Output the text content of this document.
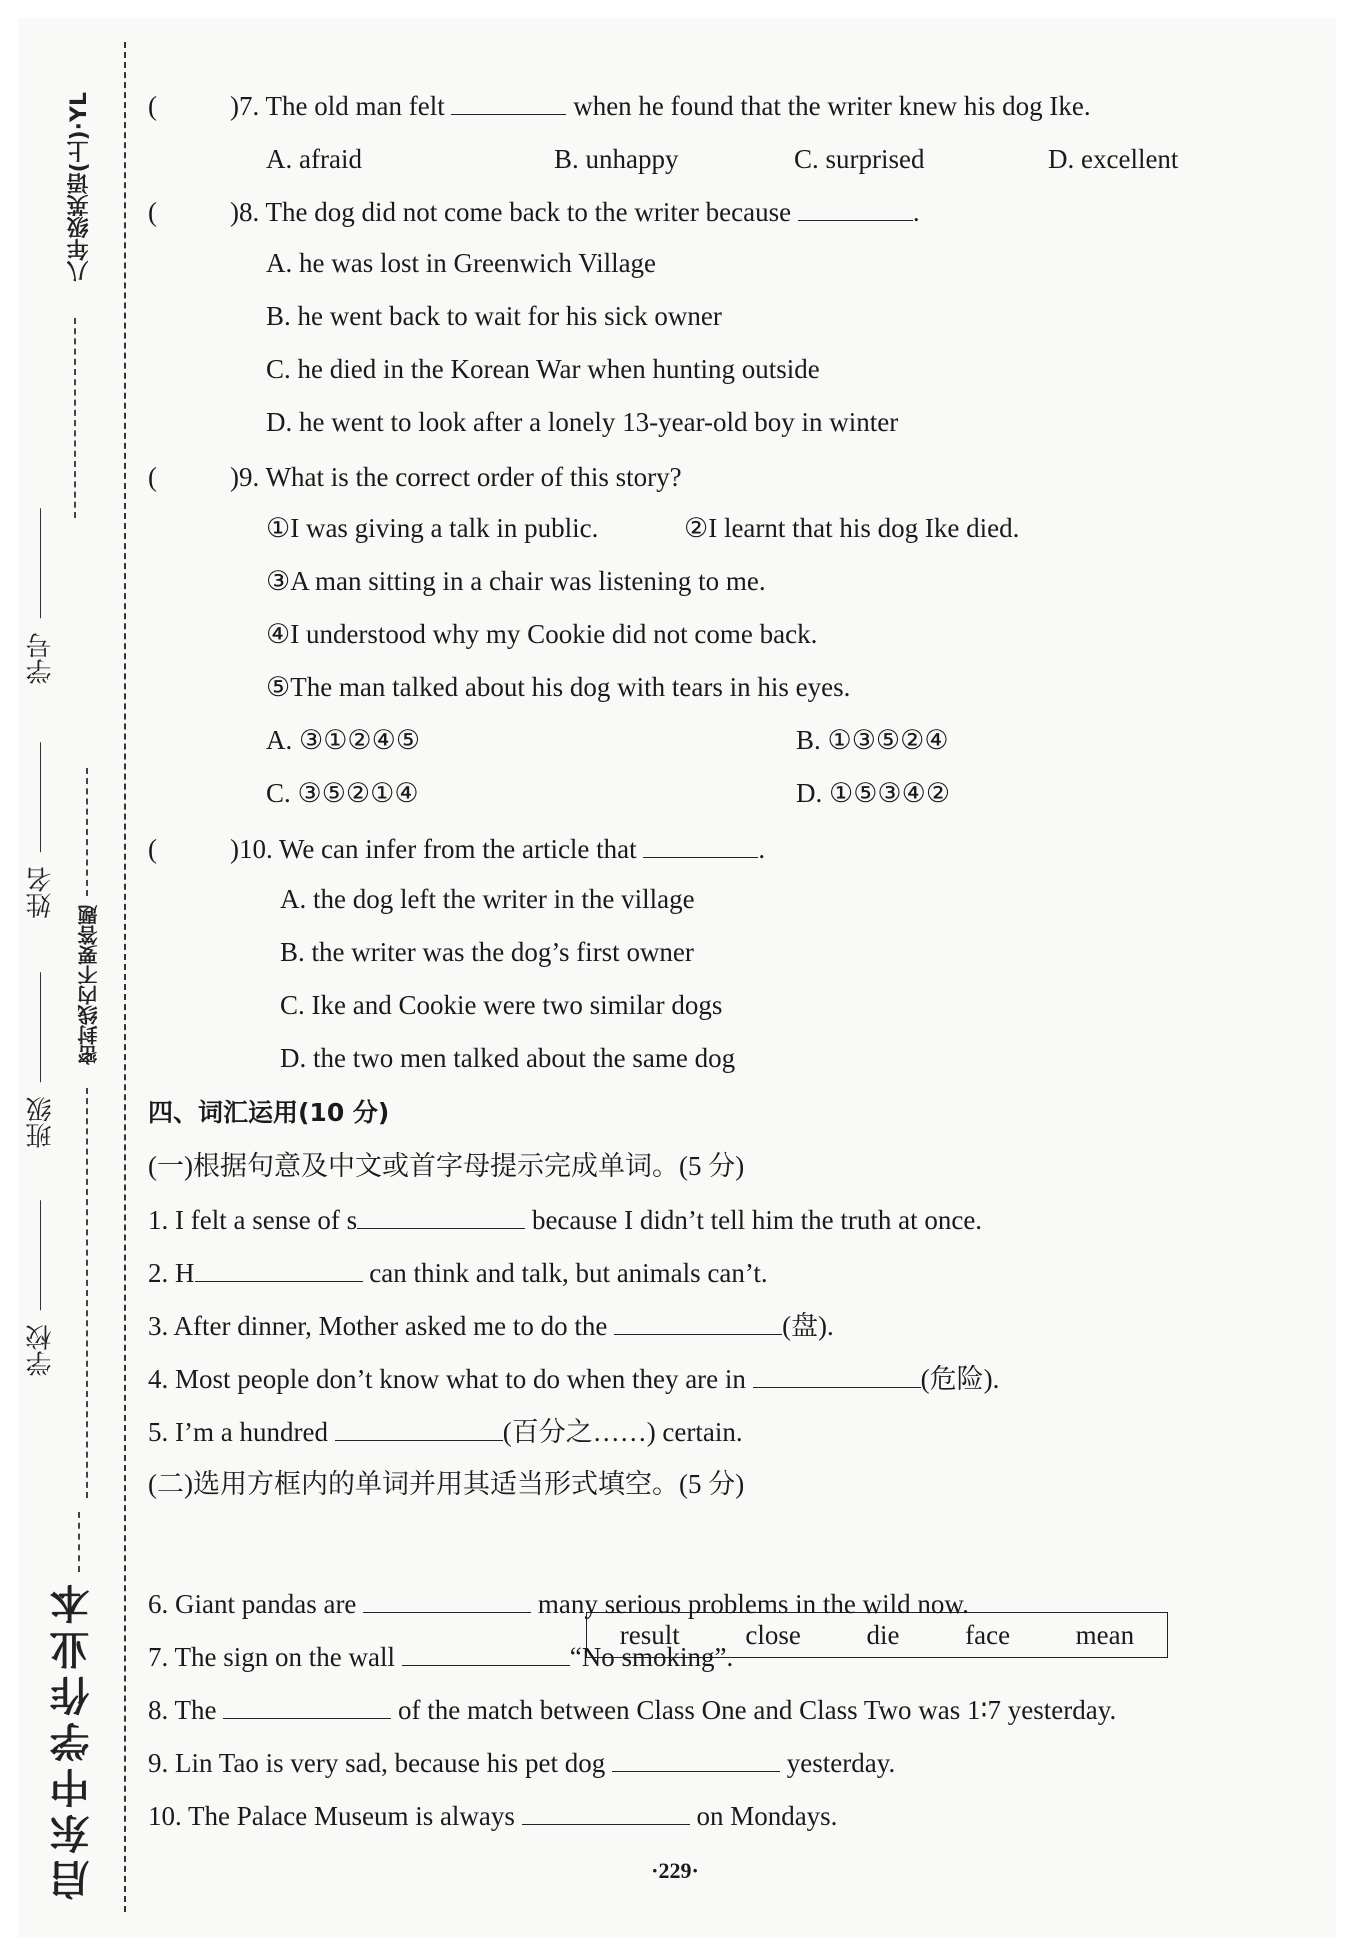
八年级英语(上)·YL
学号
姓名
班级
学校
密封线内不要答题
启东中学作业本
(	)7. The old man felt	when he found that the writer knew his dog Ike.
A. afraid	B. unhappy	C. surprised	D. excellent
(	)8. The dog did not come back to the writer because	.
A. he was lost in Greenwich Village
B. he went back to wait for his sick owner
C. he died in the Korean War when hunting outside
D. he went to look after a lonely 13-year-old boy in winter
(	)9. What is the correct order of this story?
①I was giving a talk in public.	②I learnt that his dog Ike died.
③A man sitting in a chair was listening to me.
④I understood why my Cookie did not come back.
⑤The man talked about his dog with tears in his eyes.
A. ③①②④⑤	B. ①③⑤②④
C. ③⑤②①④	D. ①⑤③④②
(	)10. We can infer from the article that	.
A. the dog left the writer in the village
B. the writer was the dog’s first owner
C. Ike and Cookie were two similar dogs
D. the two men talked about the same dog
四、词汇运用(10 分)
(一)根据句意及中文或首字母提示完成单词。(5 分)
1. I felt a sense of s	because I didn’t tell him the truth at once.
2. H	can think and talk, but animals can’t.
3. After dinner, Mother asked me to do the	(盘).
4. Most people don’t know what to do when they are in	(危险).
5. I’m a hundred	(百分之……) certain.
(二)选用方框内的单词并用其适当形式填空。(5 分)
result close die face mean
6. Giant pandas are	many serious problems in the wild now.
7. The sign on the wall	“No smoking”.
8. The	of the match between Class One and Class Two was 1∶7 yesterday.
9. Lin Tao is very sad, because his pet dog	yesterday.
10. The Palace Museum is always	on Mondays.
·229·
